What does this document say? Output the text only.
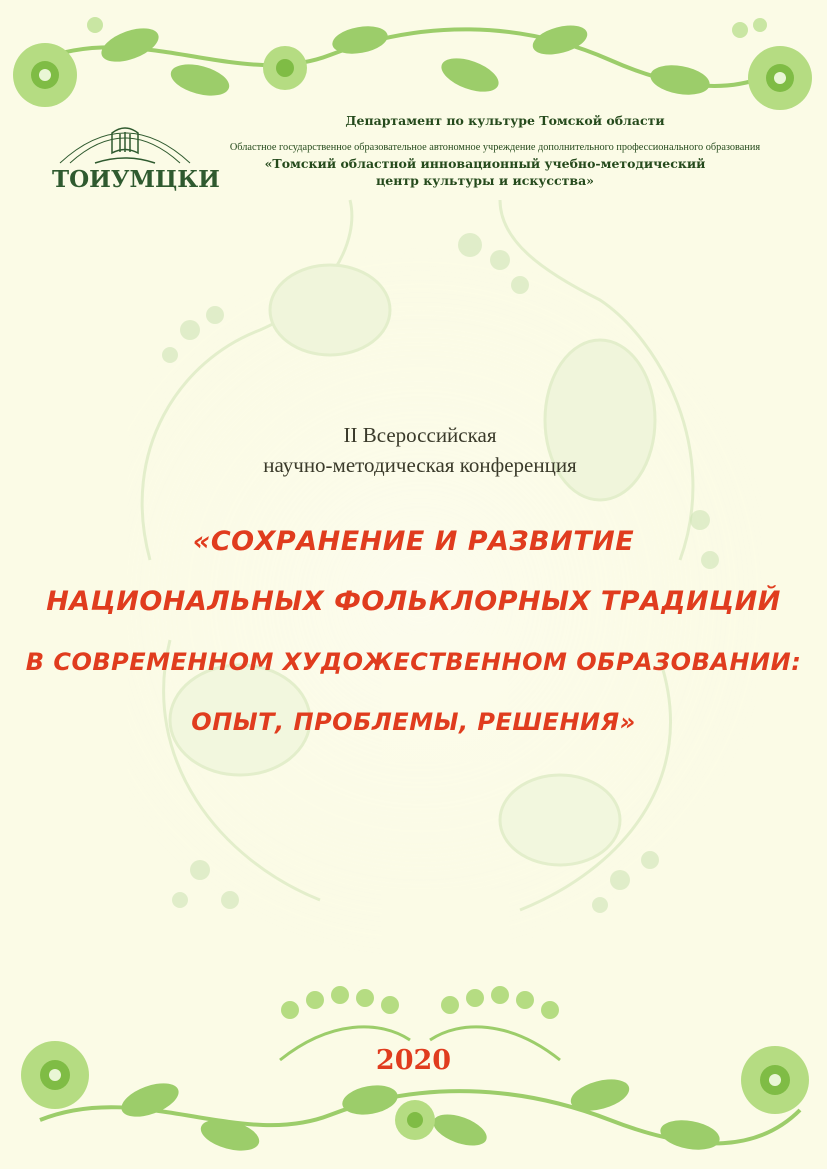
ТОИУМЦКИ
Департамент по культуре Томской области
Областное государственное образовательное автономное учреждение дополнительного профессионального образования
«Томский областной инновационный учебно-методический
центр культуры и искусства»
II Всероссийская
научно-методическая конференция
«СОХРАНЕНИЕ И РАЗВИТИЕ
НАЦИОНАЛЬНЫХ ФОЛЬКЛОРНЫХ ТРАДИЦИЙ
В СОВРЕМЕННОМ ХУДОЖЕСТВЕННОМ ОБРАЗОВАНИИ:
ОПЫТ, ПРОБЛЕМЫ, РЕШЕНИЯ»
2020
